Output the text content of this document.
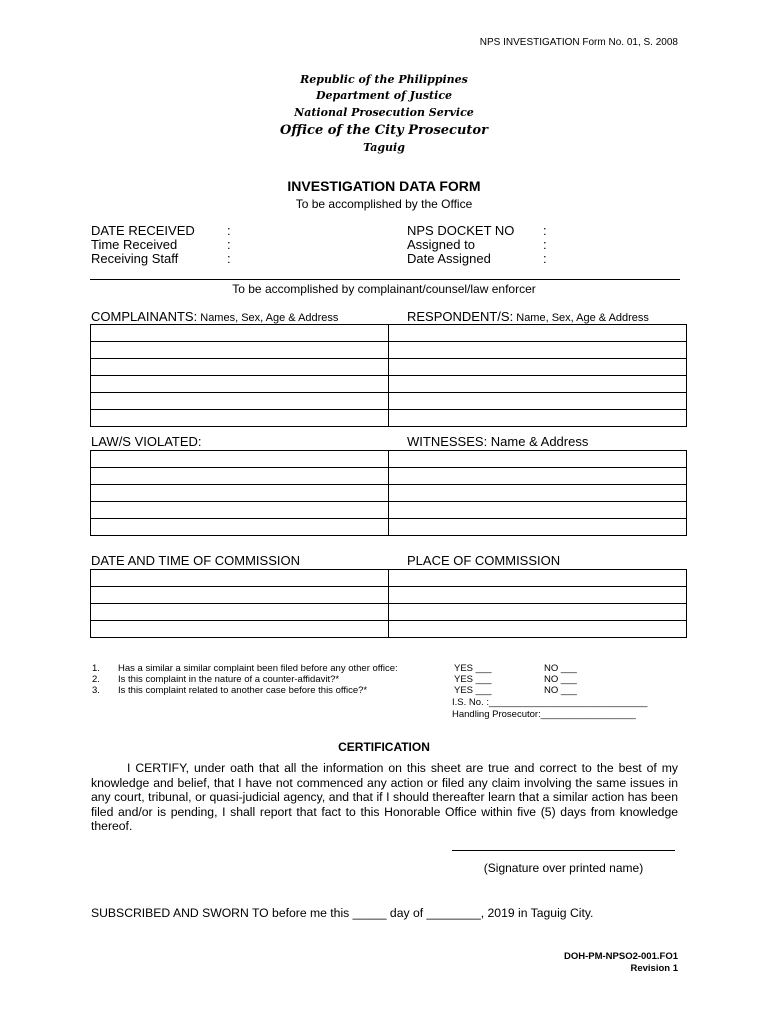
NPS INVESTIGATION Form No. 01, S. 2008
Republic of the Philippines
Department of Justice
National Prosecution Service
Office of the City Prosecutor
Taguig
INVESTIGATION DATA FORM
To be accomplished by the Office
DATE RECEIVED	:
Time Received	:
Receiving Staff	:
NPS DOCKET NO	:
Assigned to	:
Date Assigned	:
To be accomplished by complainant/counsel/law enforcer
COMPLAINANTS: Names, Sex, Age & Address	RESPONDENT/S: Name, Sex, Age & Address

LAW/S VIOLATED:	WITNESSES: Name & Address

DATE AND TIME OF COMMISSION	PLACE OF COMMISSION

1.	Has a similar a similar complaint been filed before any other office:	YES ___	NO ___
2.	Is this complaint in the nature of a counter-affidavit?*	YES ___	NO ___
3.	Is this complaint related to another case before this office?*	YES ___	NO ___
I.S. No. :______________________________
Handling Prosecutor:__________________
CERTIFICATION
I CERTIFY, under oath that all the information on this sheet are true and correct to the best of my knowledge and belief, that I have not commenced any action or filed any claim involving the same issues in any court, tribunal, or quasi-judicial agency, and that if I should thereafter learn that a similar action has been filed and/or is pending, I shall report that fact to this Honorable Office within five (5) days from knowledge thereof.
(Signature over printed name)
SUBSCRIBED AND SWORN TO before me this _____ day of ________, 2019 in Taguig City.
DOH-PM-NPSO2-001.FO1
Revision 1
